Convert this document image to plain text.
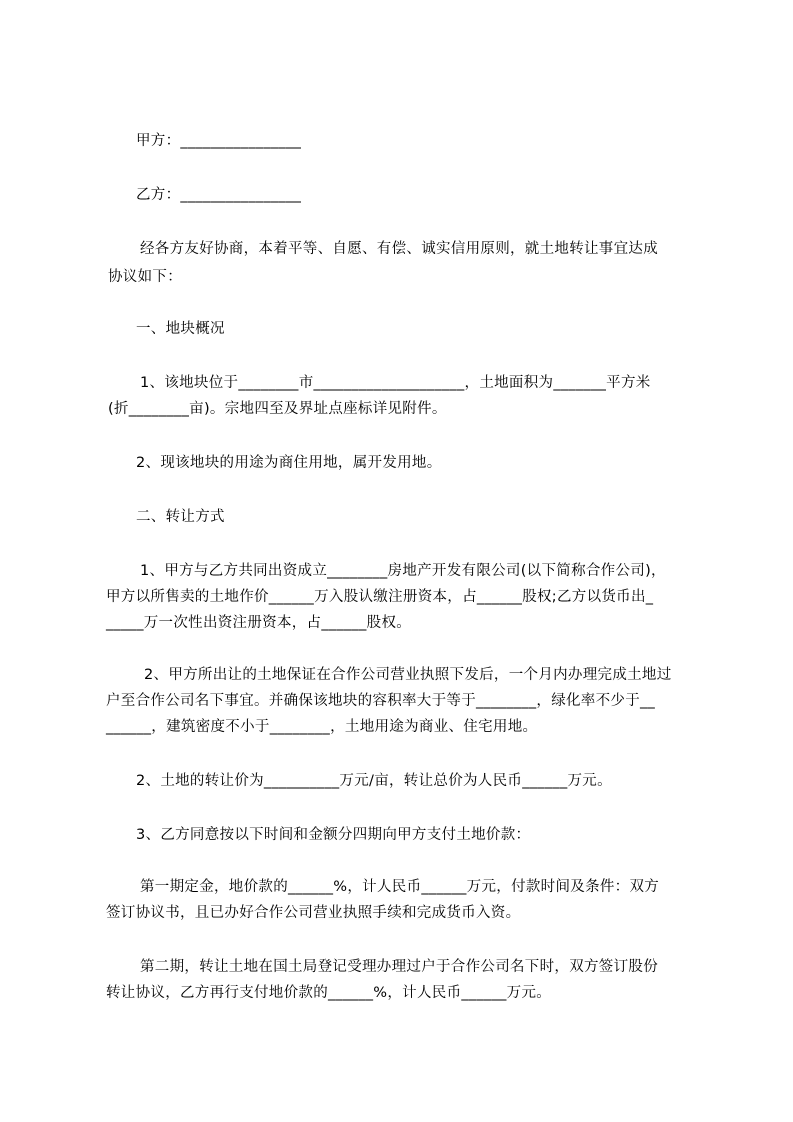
甲方：________________
乙方：________________
经各方友好协商，本着平等、自愿、有偿、诚实信用原则，就土地转让事宜达成
协议如下：
一、地块概况
1、该地块位于________市____________________，土地面积为_______平方米
(折________亩)。宗地四至及界址点座标详见附件。
2、现该地块的用途为商住用地，属开发用地。
二、转让方式
1、甲方与乙方共同出资成立________房地产开发有限公司(以下简称合作公司)，
甲方以所售卖的土地作价______万入股认缴注册资本，占______股权;乙方以货币出_
_____万一次性出资注册资本，占______股权。
2、甲方所出让的土地保证在合作公司营业执照下发后，一个月内办理完成土地过
户至合作公司名下事宜。并确保该地块的容积率大于等于________，绿化率不少于__
______，建筑密度不小于________，土地用途为商业、住宅用地。
2、土地的转让价为__________万元/亩，转让总价为人民币______万元。
3、乙方同意按以下时间和金额分四期向甲方支付土地价款：
第一期定金，地价款的______%，计人民币______万元，付款时间及条件：双方
签订协议书，且已办好合作公司营业执照手续和完成货币入资。
第二期，转让土地在国土局登记受理办理过户于合作公司名下时，双方签订股份
转让协议，乙方再行支付地价款的______%，计人民币______万元。
